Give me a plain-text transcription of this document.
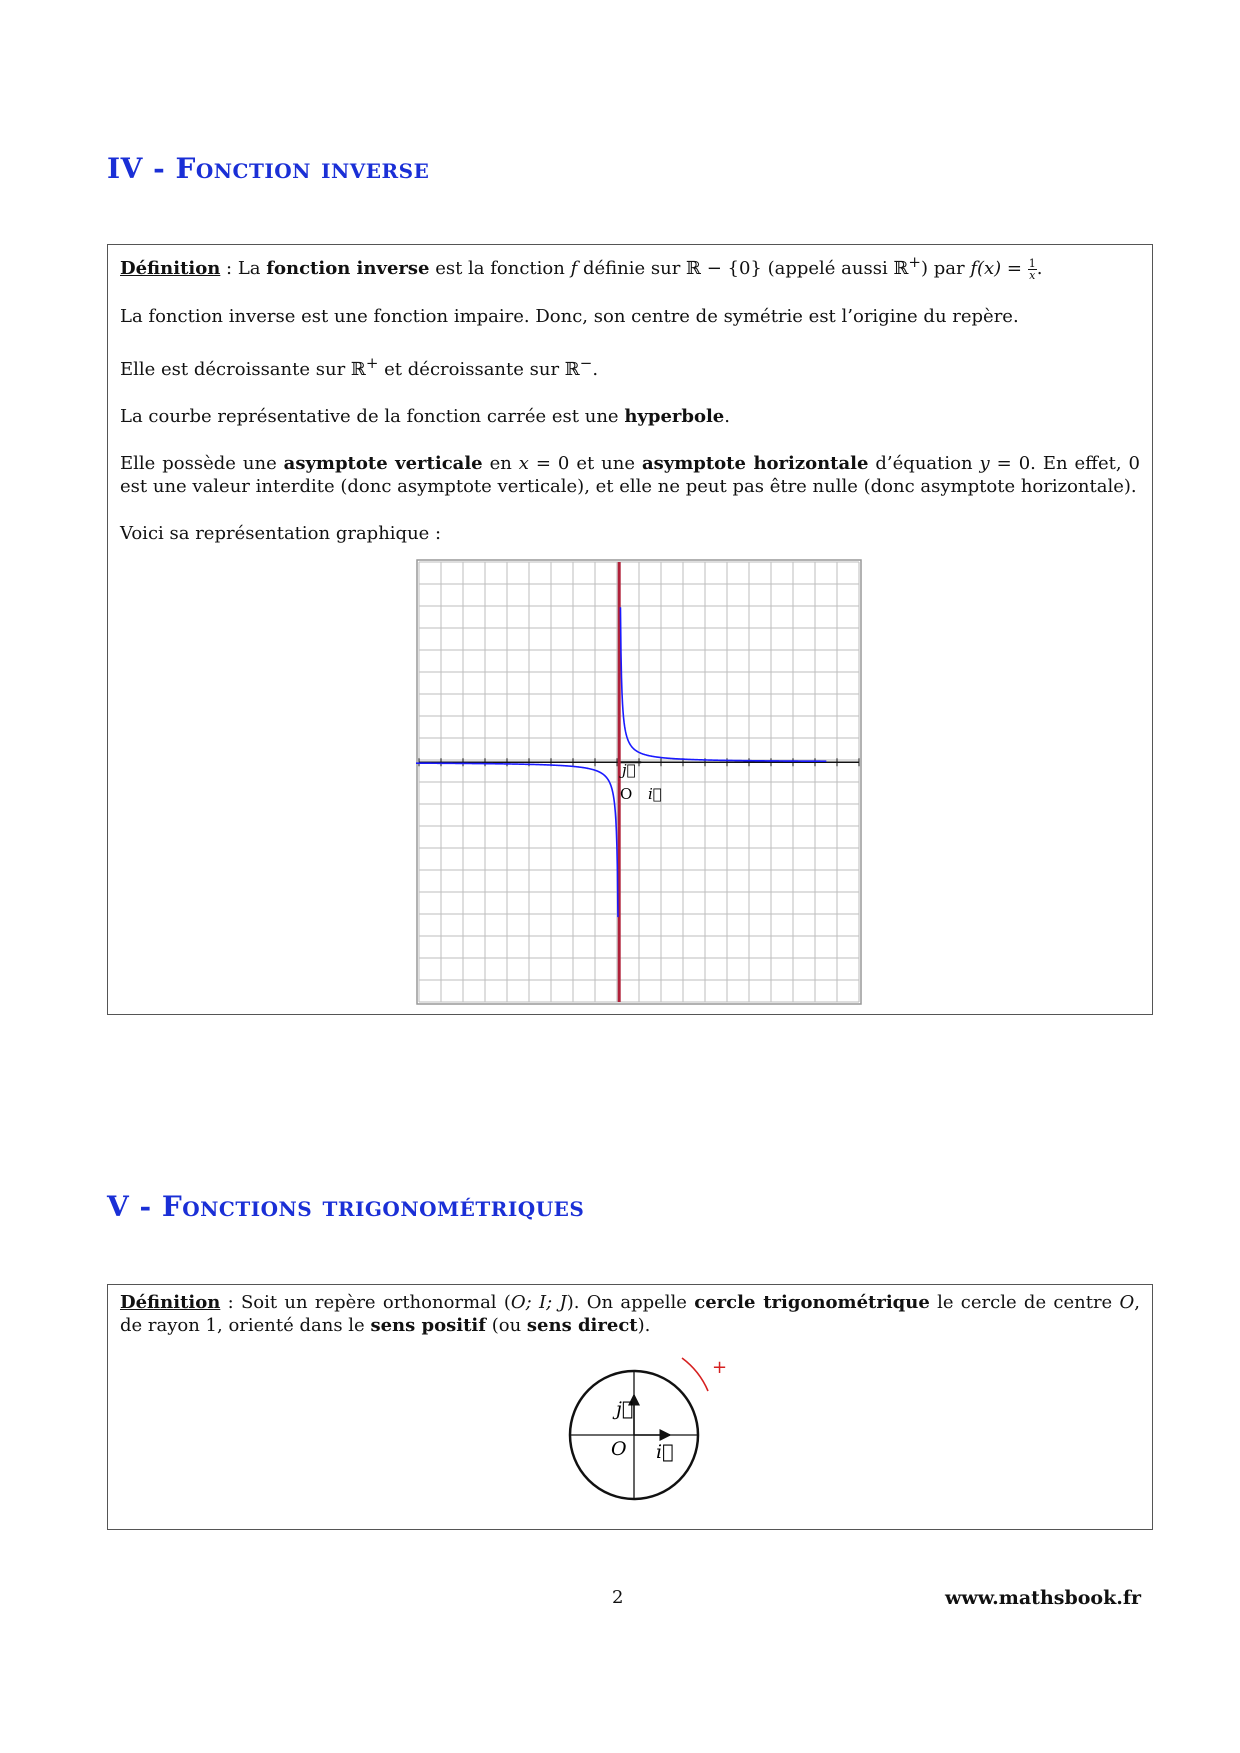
IV - Fonction inverse

Définition : La fonction inverse est la fonction f définie sur ℝ − {0} (appelé aussi ℝ+) par $f(x) = \frac{1}{x}$ .

La fonction inverse est une fonction impaire. Donc, son centre de symétrie est l’origine du repère.

Elle est décroissante sur ℝ+ et décroissante sur ℝ−.

La courbe représentative de la fonction carrée est une hyperbole.

Elle possède une asymptote verticale en x = 0 et une asymptote horizontale d’équation y = 0. En effet, 0 est une valeur interdite (donc asymptote verticale), et elle ne peut pas être nulle (donc asymptote horizontale).

Voici sa représentation graphique :

O i⃗
j⃗
V - Fonctions trigonométriques

Définition : Soit un repère orthonormal (O; I; J). On appelle cercle trigonométrique le cercle de centre O, de rayon 1, orienté dans le sens positif (ou sens direct).

+
O i⃗
j⃗
2	www.mathsbook.fr
